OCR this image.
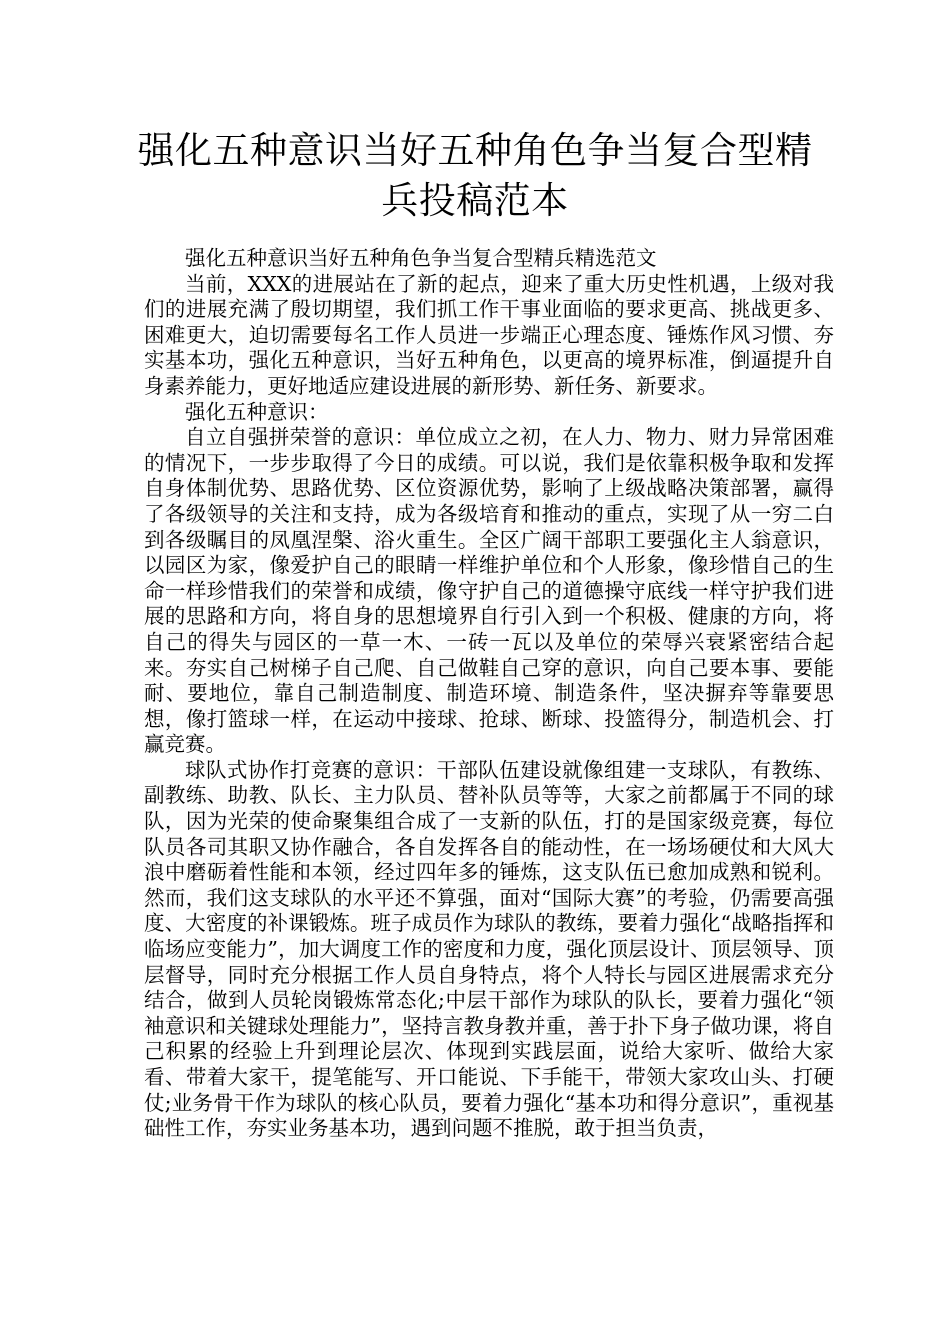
强化五种意识当好五种角色争当复合型精兵投稿范本

强化五种意识当好五种角色争当复合型精兵精选范文

当前，XXX的进展站在了新的起点，迎来了重大历史性机遇，上级对我们的进展充满了殷切期望，我们抓工作干事业面临的要求更高、挑战更多、困难更大，迫切需要每名工作人员进一步端正心理态度、锤炼作风习惯、夯实基本功，强化五种意识，当好五种角色，以更高的境界标准，倒逼提升自身素养能力，更好地适应建设进展的新形势、新任务、新要求。

强化五种意识：

自立自强拼荣誉的意识：单位成立之初，在人力、物力、财力异常困难的情况下，一步步取得了今日的成绩。可以说，我们是依靠积极争取和发挥自身体制优势、思路优势、区位资源优势，影响了上级战略决策部署，赢得了各级领导的关注和支持，成为各级培育和推动的重点，实现了从一穷二白到各级瞩目的凤凰涅槃、浴火重生。全区广阔干部职工要强化主人翁意识，以园区为家，像爱护自己的眼睛一样维护单位和个人形象，像珍惜自己的生命一样珍惜我们的荣誉和成绩，像守护自己的道德操守底线一样守护我们进展的思路和方向，将自身的思想境界自行引入到一个积极、健康的方向，将自己的得失与园区的一草一木、一砖一瓦以及单位的荣辱兴衰紧密结合起来。夯实自己树梯子自己爬、自己做鞋自己穿的意识，向自己要本事、要能耐、要地位，靠自己制造制度、制造环境、制造条件，坚决摒弃等靠要思想，像打篮球一样，在运动中接球、抢球、断球、投篮得分，制造机会、打赢竞赛。

球队式协作打竞赛的意识：干部队伍建设就像组建一支球队，有教练、副教练、助教、队长、主力队员、替补队员等等，大家之前都属于不同的球队，因为光荣的使命聚集组合成了一支新的队伍，打的是国家级竞赛，每位队员各司其职又协作融合，各自发挥各自的能动性，在一场场硬仗和大风大浪中磨砺着性能和本领，经过四年多的锤炼，这支队伍已愈加成熟和锐利。然而，我们这支球队的水平还不算强，面对“国际大赛”的考验，仍需要高强度、大密度的补课锻炼。班子成员作为球队的教练，要着力强化“战略指挥和临场应变能力”，加大调度工作的密度和力度，强化顶层设计、顶层领导、顶层督导，同时充分根据工作人员自身特点，将个人特长与园区进展需求充分结合，做到人员轮岗锻炼常态化;中层干部作为球队的队长，要着力强化“领袖意识和关键球处理能力”，坚持言教身教并重，善于扑下身子做功课，将自己积累的经验上升到理论层次、体现到实践层面，说给大家听、做给大家看、带着大家干，提笔能写、开口能说、下手能干，带领大家攻山头、打硬仗;业务骨干作为球队的核心队员，要着力强化“基本功和得分意识”，重视基础性工作，夯实业务基本功，遇到问题不推脱，敢于担当负责，
